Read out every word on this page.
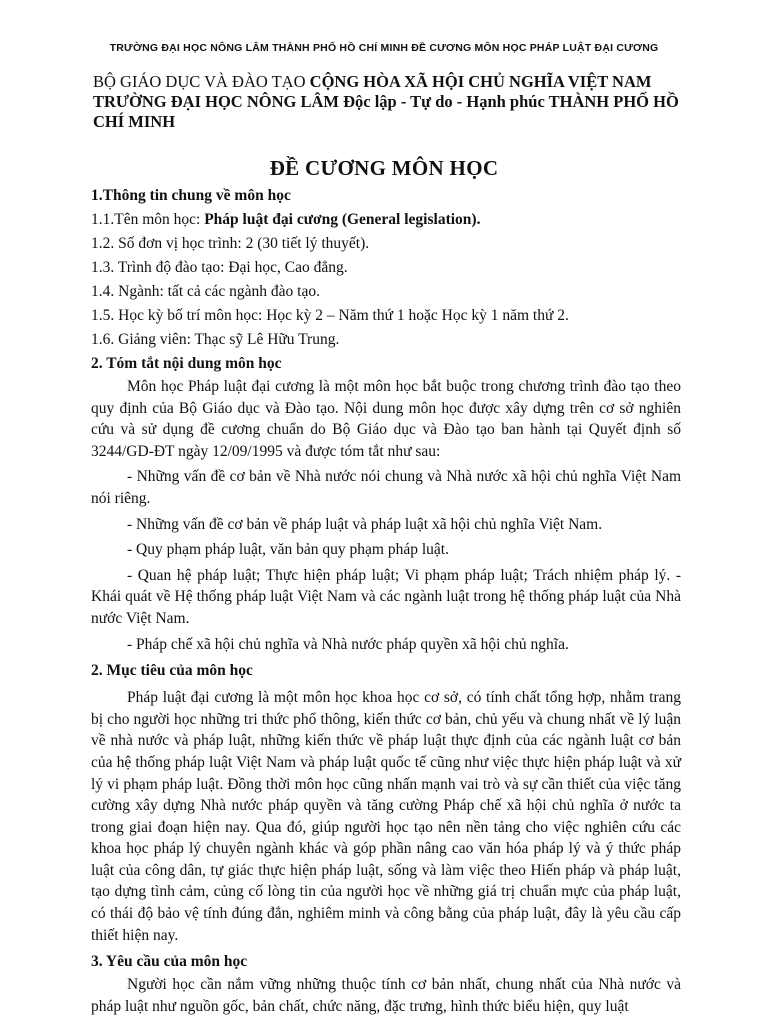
TRƯỜNG ĐẠI HỌC NÔNG LÂM THÀNH PHỐ HỒ CHÍ MINH ĐỀ CƯƠNG MÔN HỌC PHÁP LUẬT ĐẠI CƯƠNG
BỘ GIÁO DỤC VÀ ĐÀO TẠO CỘNG HÒA XÃ HỘI CHỦ NGHĨA VIỆT NAM TRƯỜNG ĐẠI HỌC NÔNG LÂM Độc lập - Tự do - Hạnh phúc THÀNH PHỐ HỒ CHÍ MINH
ĐỀ CƯƠNG MÔN HỌC

1.Thông tin chung về môn học

1.1.Tên môn học: Pháp luật đại cương (General legislation).

1.2. Số đơn vị học trình: 2 (30 tiết lý thuyết).

1.3. Trình độ đào tạo: Đại học, Cao đẳng.

1.4. Ngành: tất cả các ngành đào tạo.

1.5. Học kỳ bố trí môn học: Học kỳ 2 – Năm thứ 1 hoặc Học kỳ 1 năm thứ 2.

1.6. Giảng viên: Thạc sỹ Lê Hữu Trung.

2. Tóm tắt nội dung môn học

Môn học Pháp luật đại cương là một môn học bắt buộc trong chương trình đào tạo theo quy định của Bộ Giáo dục và Đào tạo. Nội dung môn học được xây dựng trên cơ sở nghiên cứu và sử dụng đề cương chuẩn do Bộ Giáo dục và Đào tạo ban hành tại Quyết định số 3244/GD-ĐT ngày 12/09/1995 và được tóm tắt như sau:

- Những vấn đề cơ bản về Nhà nước nói chung và Nhà nước xã hội chủ nghĩa Việt Nam nói riêng.

- Những vấn đề cơ bản về pháp luật và pháp luật xã hội chủ nghĩa Việt Nam.

- Quy phạm pháp luật, văn bản quy phạm pháp luật.

- Quan hệ pháp luật; Thực hiện pháp luật; Vi phạm pháp luật; Trách nhiệm pháp lý. - Khái quát về Hệ thống pháp luật Việt Nam và các ngành luật trong hệ thống pháp luật của Nhà nước Việt Nam.

- Pháp chế xã hội chủ nghĩa và Nhà nước pháp quyền xã hội chủ nghĩa.

2. Mục tiêu của môn học

Pháp luật đại cương là một môn học khoa học cơ sở, có tính chất tổng hợp, nhằm trang bị cho người học những tri thức phổ thông, kiến thức cơ bản, chủ yếu và chung nhất về lý luận về nhà nước và pháp luật, những kiến thức về pháp luật thực định của các ngành luật cơ bản của hệ thống pháp luật Việt Nam và pháp luật quốc tế cũng như việc thực hiện pháp luật và xử lý vi phạm pháp luật. Đồng thời môn học cũng nhấn mạnh vai trò và sự cần thiết của việc tăng cường xây dựng Nhà nước pháp quyền và tăng cường Pháp chế xã hội chủ nghĩa ở nước ta trong giai đoạn hiện nay. Qua đó, giúp người học tạo nên nền tảng cho việc nghiên cứu các khoa học pháp lý chuyên ngành khác và góp phần nâng cao văn hóa pháp lý và ý thức pháp luật của công dân, tự giác thực hiện pháp luật, sống và làm việc theo Hiến pháp và pháp luật, tạo dựng tình cảm, củng cố lòng tin của người học về những giá trị chuẩn mực của pháp luật, có thái độ bảo vệ tính đúng đắn, nghiêm minh và công bằng của pháp luật, đây là yêu cầu cấp thiết hiện nay.

3. Yêu cầu của môn học

Người học cần nắm vững những thuộc tính cơ bản nhất, chung nhất của Nhà nước và pháp luật như nguồn gốc, bản chất, chức năng, đặc trưng, hình thức biểu hiện, quy luật
